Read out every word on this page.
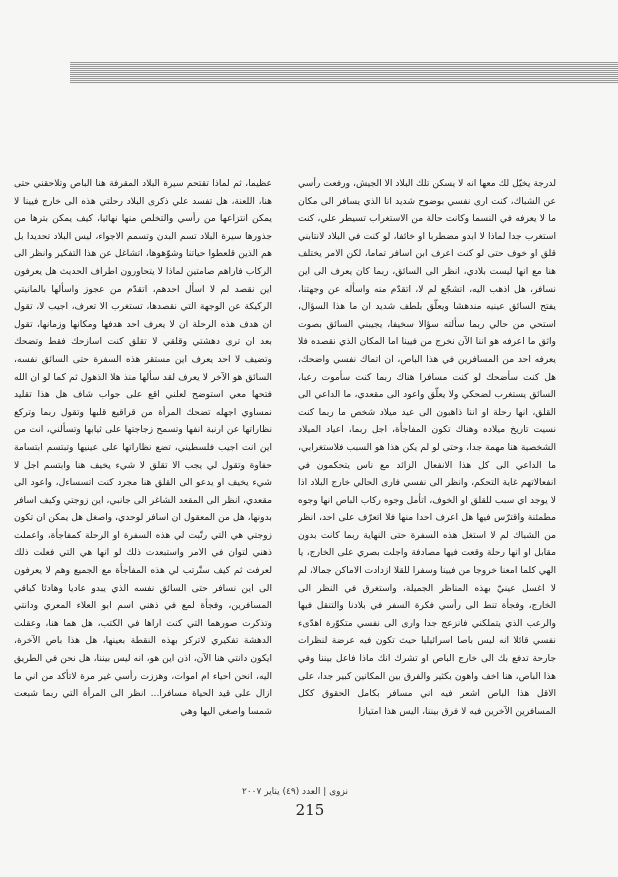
لدرجة يخيّل لك معها انه لا يسكن تلك البلاد الا الجيش، ورفعت رأسي عن الشباك، كنت ارى نفسي بوضوح شديد انا الذي يسافر الى مكان ما لا يعرفه في النسما وكانت حالة من الاستغراب تسيطر علي، كنت استغرب جدا لماذا لا ابدو مضطربا او خائفا، لو كنت في البلاد لانتابني قلق او خوف حتى لو كنت اعرف ابن اسافر تماما، لكن الامر يختلف هنا مع انها ليست بلادي، انظر الى السائق، ربما كان يعرف الى اين نسافر، هل اذهب اليه، اتشجّع لم لا، اتقدّم منه واسأله عن وجهتنا، يفتح السائق عينيه مندهشا ويعلّق بلطف شديد ان ما هذا السؤال، استحي من حالي ربما سألته سؤالا سخيفا، يجيبني السائق بصوت واثق ما اعرفه هو اننا الآن نخرج من فيينا اما المكان الذي نقصده فلا يعرفه احد من المسافرين في هذا الباص، ان اتماك نفسي واضحك، هل كنت سأضحك لو كنت مسافرا هناك ربما كنت سأموت رعبا، السائق يستغرب لضحكي ولا يعلّق واعود الى مقعدي، ما الداعي الى القلق، انها رحلة او اننا ذاهبون الى عيد ميلاد شخص ما ربما كنت نسيت تاريخ ميلاده وهناك تكون المفاجأة، اجل ربما، اعياد الميلاد الشخصية هنا مهمة جدا، وحتى لو لم يكن هذا هو السبب فلاستغرابي، ما الداعي الى كل هذا الانفعال الزائد مع ناس يتحكمون في انفعالاتهم غاية التحكم، وانظر الى نفسي فارى الحالي خارج البلاد اذا لا يوجد اي سبب للقلق او الخوف، اتأمل وجوه ركاب الباص انها وجوه مطمئنة واقترّس فيها هل اعرف احدا منها فلا اتعرّف على احد، انظر من الشباك لم لا استغل هذه السفرة حتى النهاية ربما كانت بدون مقابل او انها رحلة وقعت فيها مصادفة واجلت بصري على الخارج، يا الهي كلما امعنا خروجا من فيينا وسفرا للقلا ازدادت الاماكن جمالا، لم لا اغسل عينيّ بهذه المناظر الجميلة، واستغرق في النظر الى الخارج، وفجأة تنط الى رأسي فكرة السفر في بلادنا والتنقل فيها والرعب الذي يتملكني فانزعج جدا وارى الى نفسي متكوّرة اهدّىء نفسي قائلا انه ليس باصا اسرائيليا حيث تكون فيه عرضة لنظرات جارحة تدفع بك الى خارج الباص او تشرك انك ماذا فاعل بيننا وفي هذا الباص، هنا اخف واهون بكثير والفرق بين المكانين كبير جدا، على الاقل هذا الباص اشعر فيه اني مسافر بكامل الحقوق ككل المسافرين الآخرين فيه لا فرق بيننا، اليس هذا امتيازا

عظيما، ثم لماذا تقتحم سيرة البلاد المقرفة هنا الباص وتلاحقني حتى هنا، اللعنة، هل تفسد علي ذكرى البلاد رحلتي هذه الى خارج فيينا لا يمكن انتزاعها من رأسي والتخلص منها نهائيا، كيف يمكن بترها من جذورها سيرة البلاد تسم البدن وتسمم الاجواء، ليس البلاد تحديدا بل هم الذين قلعطوا حياتنا وشوّهوها، اتشاغل عن هذا التفكير وانظر الى الركاب فاراهم صامتين لماذا لا يتحاورون اطراف الحديث هل يعرفون اين نقصد لم لا اسأل احدهم، اتقدّم من عجوز واسألها بالمانيتي الركيكة عن الوجهة التي نقصدها، تستغرب الا تعرف، اجيب لا، تقول ان هدف هذه الرحلة ان لا يعرف احد هدفها ومكانها وزمانها، تقول بعد ان ترى دهشتي وقلقي لا تقلق كنت اسازحك فقط وتضحك وتضيف لا احد يعرف اين مستقر هذه السفرة حتى السائق نفسه، السائق هو الآخر لا يعرف لقد سألها منذ هلا الذهول ثم كما لو ان الله فتحها معي استوضح لعلني اقع على جواب شاف هل هذا تقليد نمساوي اجهله تضحك المرأة من قراقيع قلبها وتقول ربما وتركع نظاراتها عن ارنبة انفها وتسمح زجاجتها على ثيابها وتسألني، انت من اين انت اجيب فلسطيني، تضع نظاراتها على عينيها وتبتسم ابتسامة حفاوة وتقول لي يجب الا تقلق لا شيء يخيف هنا وابتسم اجل لا شيء يخيف او يدعو الى القلق هنا مجرد كنت اتسساءل، واعود الى مقعدي، انظر الى المقعد الشاغر الى جانبي، اين زوجتي وكيف اسافر بدونها، هل من المعقول ان اسافر لوحدي، واصغل هل يمكن ان تكون زوجتي هي التي رتّبت لي هذه السفرة او الرحلة كمفاجأة، واعملت ذهني لتوان في الامر واستبعدت ذلك لو انها هي التي فعلت ذلك لعرفت ثم كيف ستّرتب لي هذه المفاجأة مع الجميع وهم لا يعرفون الى اين نسافر حتى السائق نفسه الذي يبدو عاديا وهادئا كباقي المسافرين، وفجأة لمع في ذهني اسم ابو العلاء المعري ودانتي وتذكرت صورهما التي كنت اراها في الكتب، هل هما هنا، وعقلت الدهشة تفكيري لاتركز بهذه النقطة بعينها، هل هذا باص الآخرة، ايكون دانتي هنا الآن، اذن اين هو، انه ليس بيننا، هل نحن في الطريق اليه، انحن احياء ام اموات، وهززت رأسي غير مرة لاتأكد من اني ما ازال على قيد الحياة مسافرا... انظر الى المرأة التي ربما شبعت شمسا واصغي اليها وهي

نزوى | العدد (٤٩) يناير ٢٠٠٧
215
